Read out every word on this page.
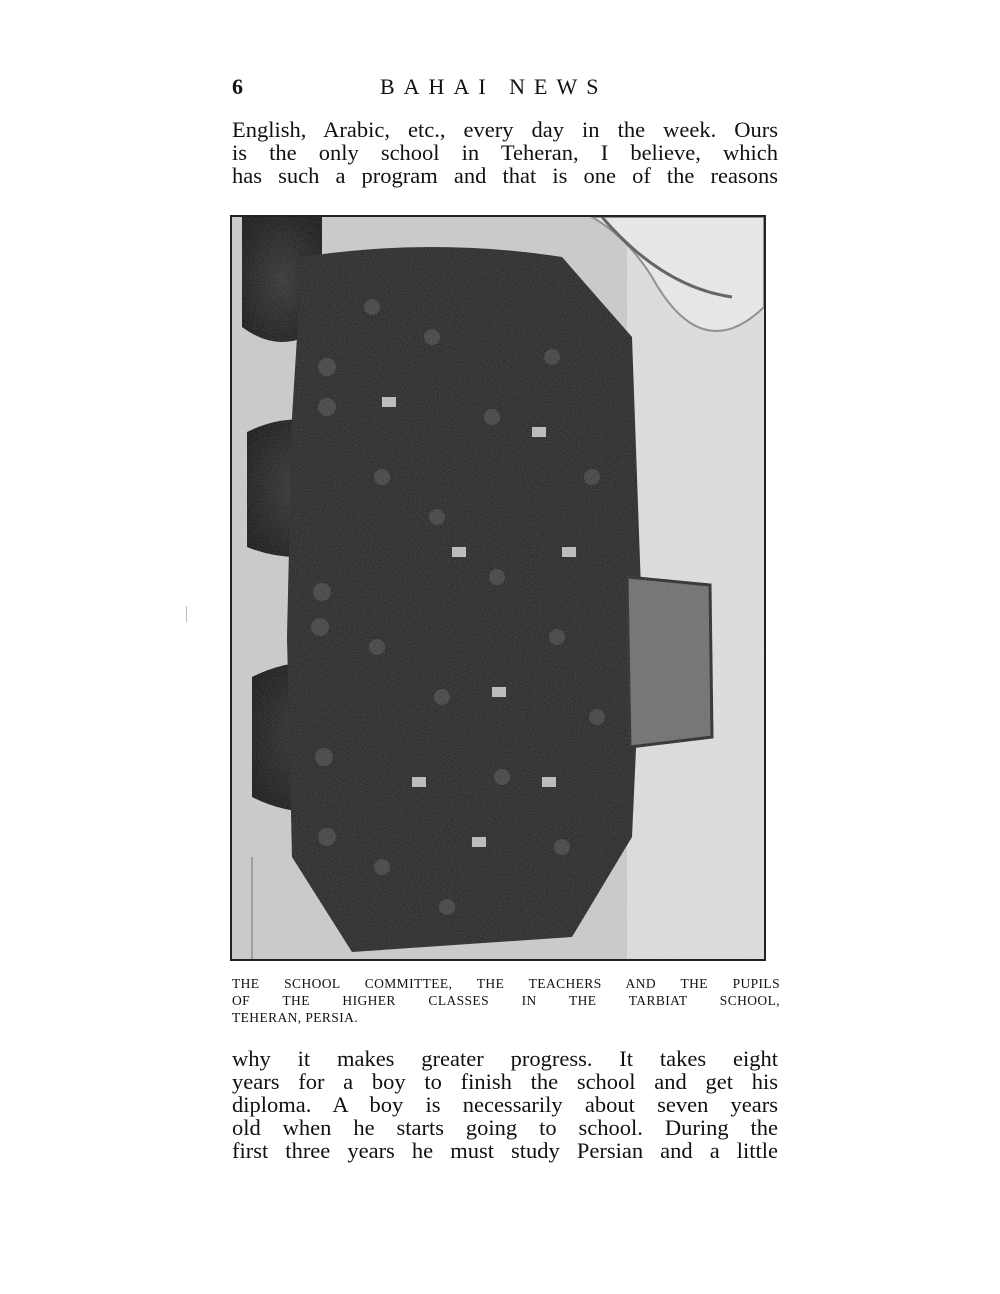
6	BAHAI NEWS
English, Arabic, etc., every day in the week. Ours
is the only school in Teheran, I believe, which
has such a program and that is one of the reasons
THE SCHOOL COMMITTEE, THE TEACHERS AND THE PUPILS
OF THE HIGHER CLASSES IN THE TARBIAT SCHOOL,
TEHERAN, PERSIA.
why it makes greater progress. It takes eight
years for a boy to finish the school and get his
diploma. A boy is necessarily about seven years
old when he starts going to school. During the
first three years he must study Persian and a little
